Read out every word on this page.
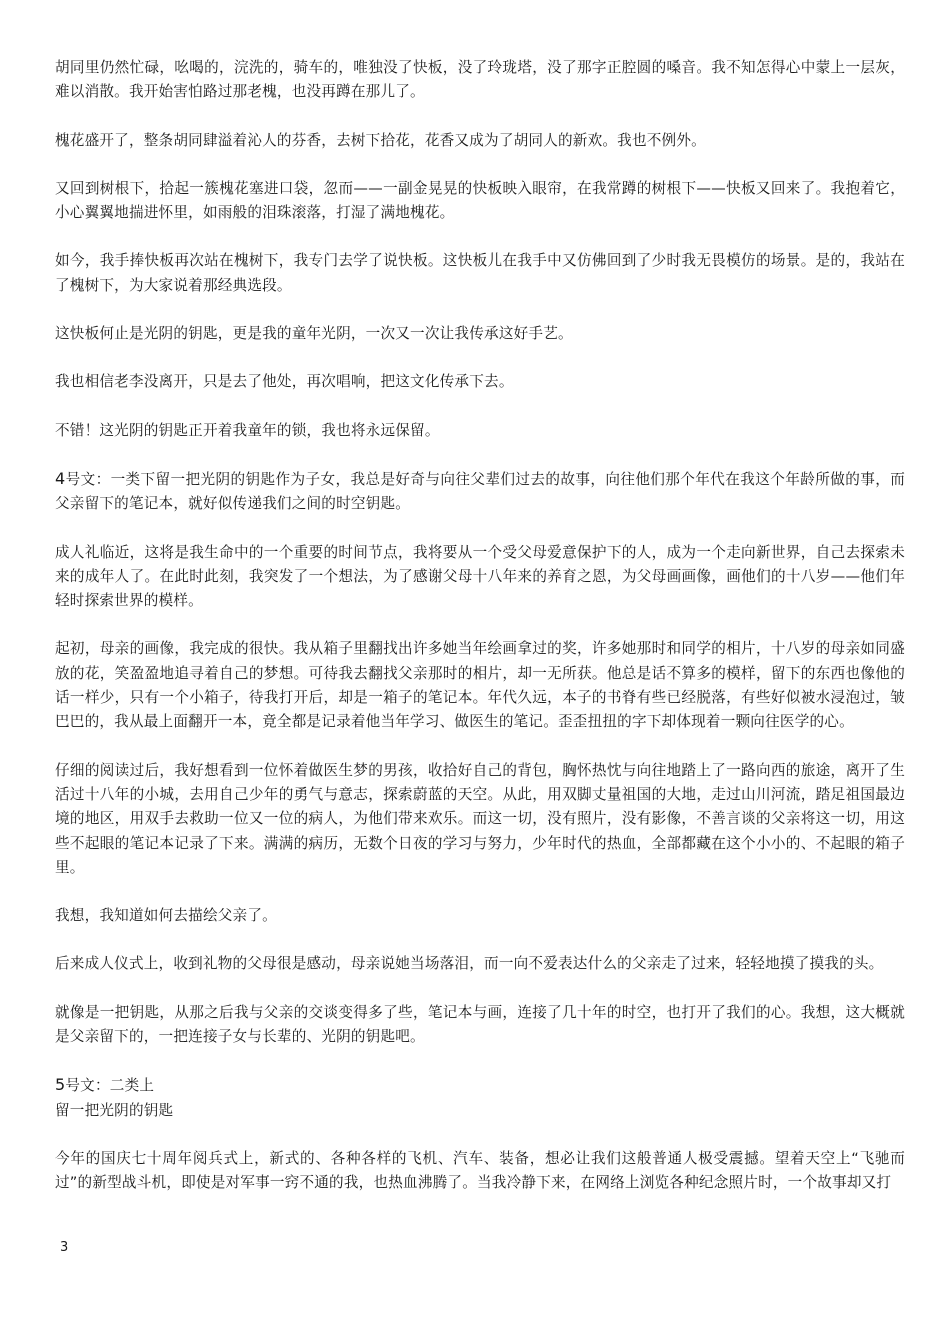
胡同里仍然忙碌，吆喝的，浣洗的，骑车的，唯独没了快板，没了玲珑塔，没了那字正腔圆的嗓音。我不知怎得心中蒙上一层灰，难以消散。我开始害怕路过那老槐，也没再蹲在那儿了。

槐花盛开了，整条胡同肆溢着沁人的芬香，去树下拾花，花香又成为了胡同人的新欢。我也不例外。

又回到树根下，拾起一簇槐花塞进口袋，忽而——一副金晃晃的快板映入眼帘，在我常蹲的树根下——快板又回来了。我抱着它，小心翼翼地揣进怀里，如雨般的泪珠滚落，打湿了满地槐花。

如今，我手捧快板再次站在槐树下，我专门去学了说快板。这快板儿在我手中又仿佛回到了少时我无畏模仿的场景。是的，我站在了槐树下，为大家说着那经典选段。

这快板何止是光阴的钥匙，更是我的童年光阴，一次又一次让我传承这好手艺。

我也相信老李没离开，只是去了他处，再次唱响，把这文化传承下去。

不错！这光阴的钥匙正开着我童年的锁，我也将永远保留。

4号文：一类下留一把光阴的钥匙作为子女，我总是好奇与向往父辈们过去的故事，向往他们那个年代在我这个年龄所做的事，而父亲留下的笔记本，就好似传递我们之间的时空钥匙。

成人礼临近，这将是我生命中的一个重要的时间节点，我将要从一个受父母爱意保护下的人，成为一个走向新世界，自己去探索未来的成年人了。在此时此刻，我突发了一个想法，为了感谢父母十八年来的养育之恩，为父母画画像，画他们的十八岁——他们年轻时探索世界的模样。

起初，母亲的画像，我完成的很快。我从箱子里翻找出许多她当年绘画拿过的奖，许多她那时和同学的相片，十八岁的母亲如同盛放的花，笑盈盈地追寻着自己的梦想。可待我去翻找父亲那时的相片，却一无所获。他总是话不算多的模样，留下的东西也像他的话一样少，只有一个小箱子，待我打开后，却是一箱子的笔记本。年代久远，本子的书脊有些已经脱落，有些好似被水浸泡过，皱巴巴的，我从最上面翻开一本，竟全都是记录着他当年学习、做医生的笔记。歪歪扭扭的字下却体现着一颗向往医学的心。

仔细的阅读过后，我好想看到一位怀着做医生梦的男孩，收拾好自己的背包，胸怀热忱与向往地踏上了一路向西的旅途，离开了生活过十八年的小城，去用自己少年的勇气与意志，探索蔚蓝的天空。从此，用双脚丈量祖国的大地，走过山川河流，踏足祖国最边境的地区，用双手去救助一位又一位的病人，为他们带来欢乐。而这一切，没有照片，没有影像，不善言谈的父亲将这一切，用这些不起眼的笔记本记录了下来。满满的病历，无数个日夜的学习与努力，少年时代的热血，全部都藏在这个小小的、不起眼的箱子里。

我想，我知道如何去描绘父亲了。

后来成人仪式上，收到礼物的父母很是感动，母亲说她当场落泪，而一向不爱表达什么的父亲走了过来，轻轻地摸了摸我的头。

就像是一把钥匙，从那之后我与父亲的交谈变得多了些，笔记本与画，连接了几十年的时空，也打开了我们的心。我想，这大概就是父亲留下的，一把连接子女与长辈的、光阴的钥匙吧。

5号文：二类上

留一把光阴的钥匙

今年的国庆七十周年阅兵式上，新式的、各种各样的飞机、汽车、装备，想必让我们这般普通人极受震撼。望着天空上“飞驰而过”的新型战斗机，即使是对军事一窍不通的我，也热血沸腾了。当我冷静下来，在网络上浏览各种纪念照片时，一个故事却又打

3
